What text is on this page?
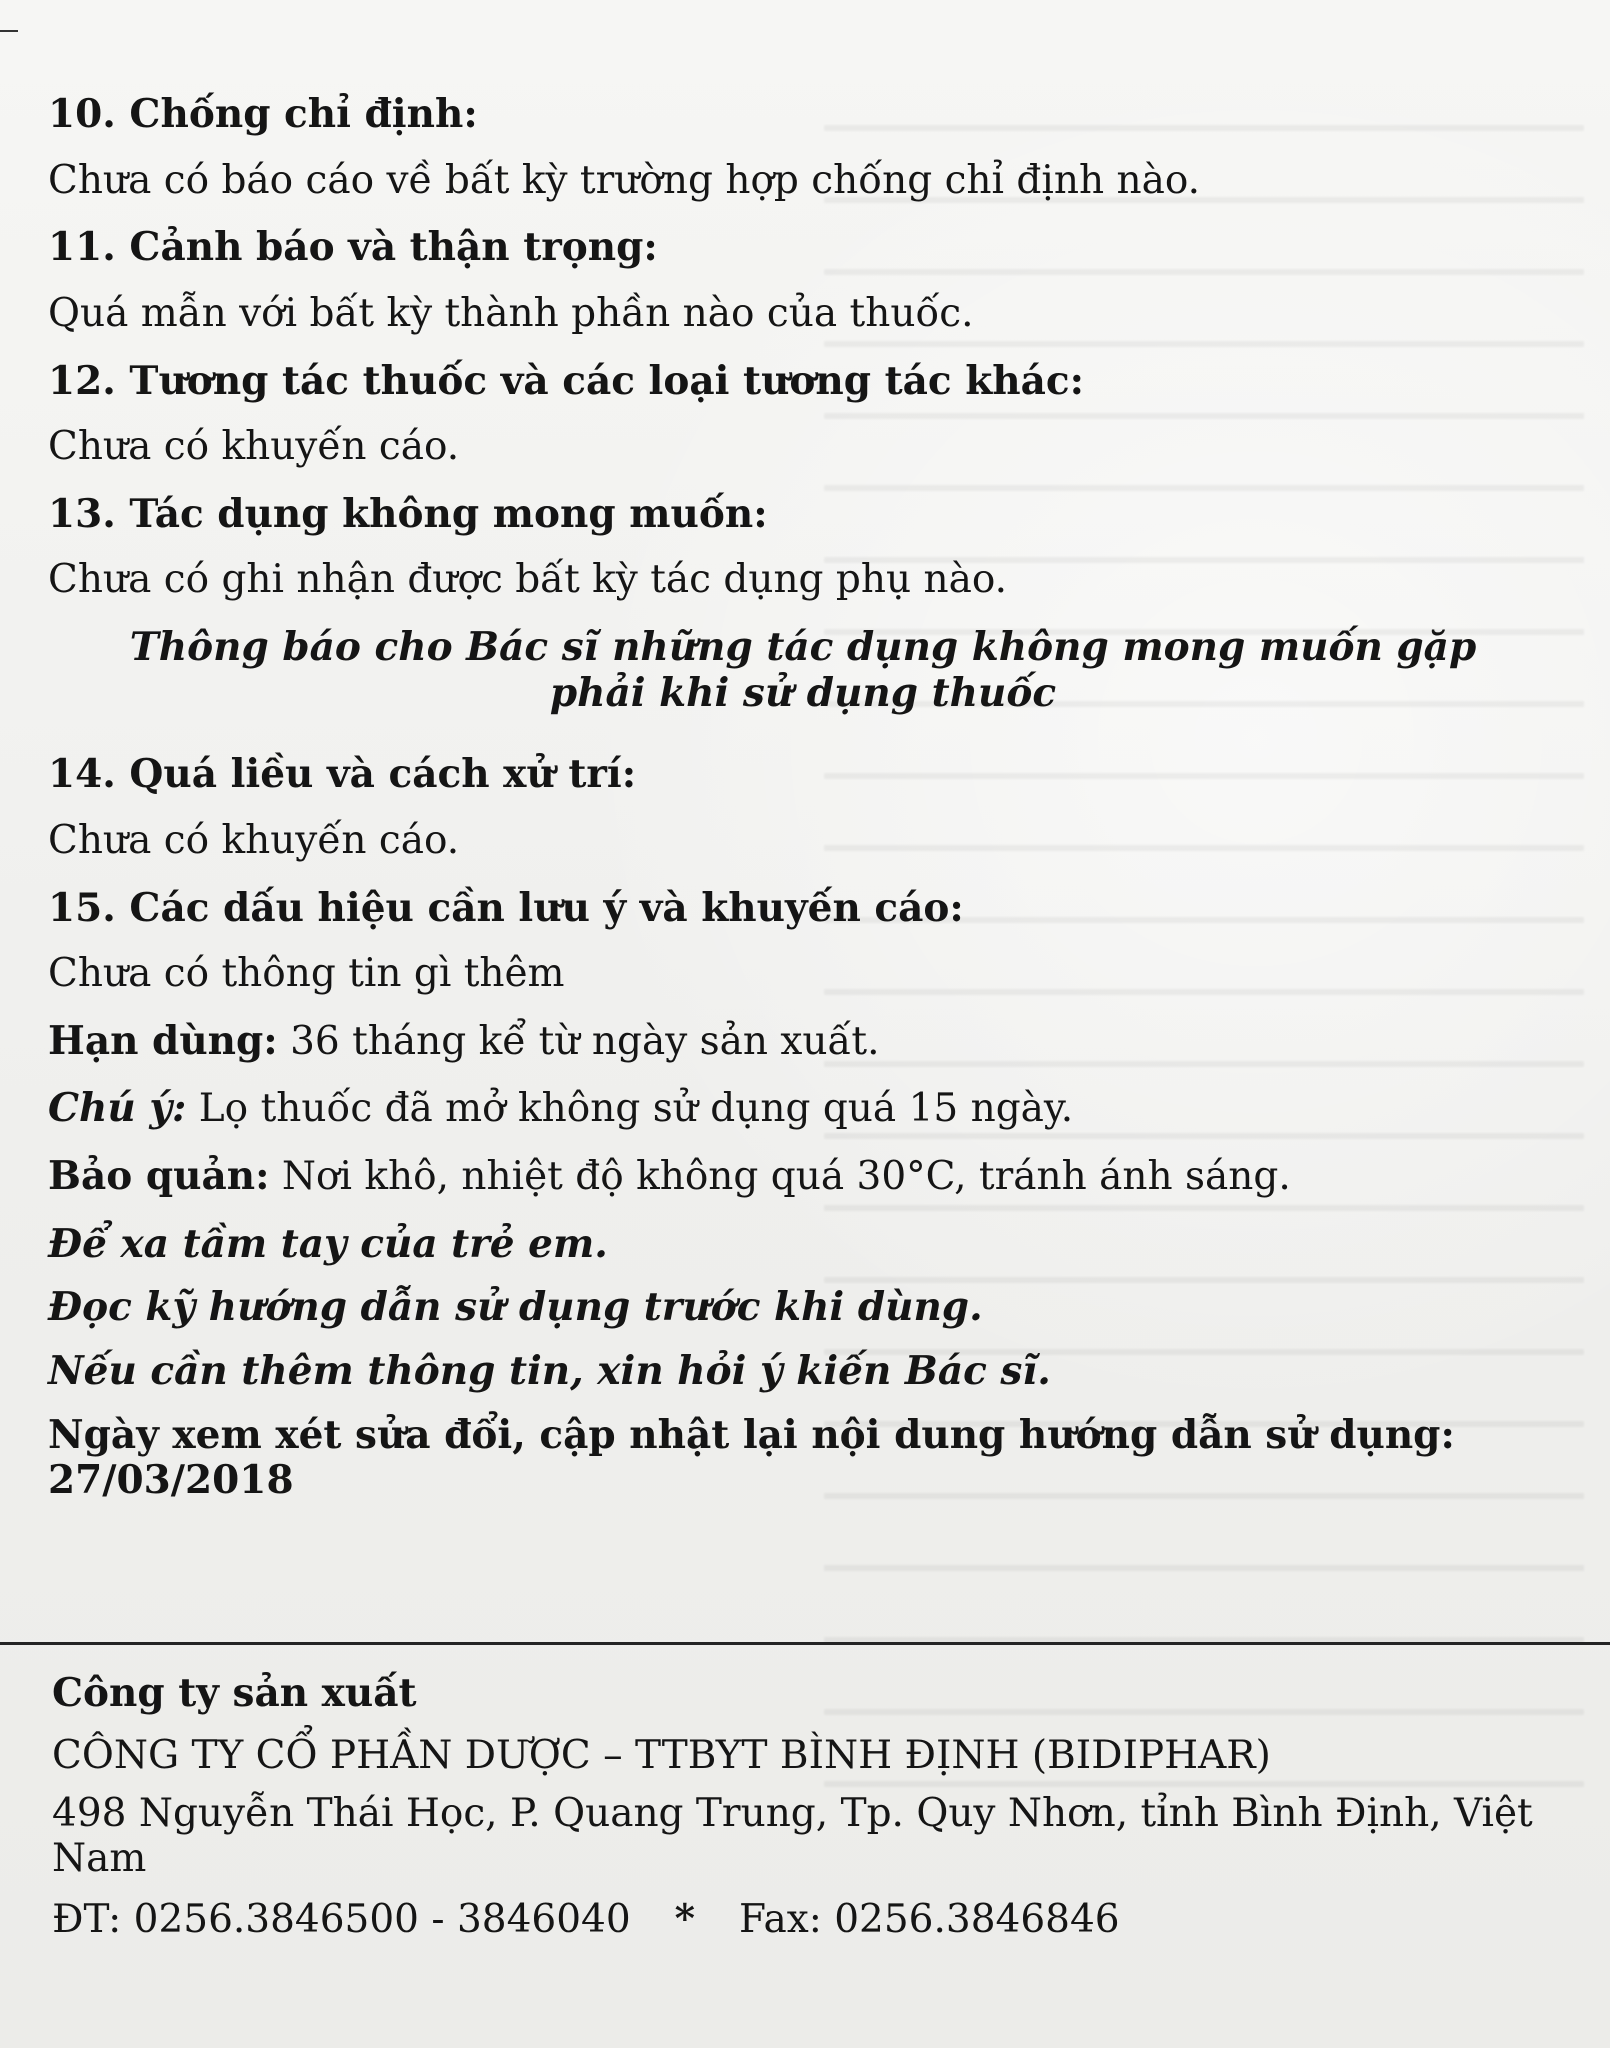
10. Chống chỉ định:
Chưa có báo cáo về bất kỳ trường hợp chống chỉ định nào.
11. Cảnh báo và thận trọng:
Quá mẫn với bất kỳ thành phần nào của thuốc.
12. Tương tác thuốc và các loại tương tác khác:
Chưa có khuyến cáo.
13. Tác dụng không mong muốn:
Chưa có ghi nhận được bất kỳ tác dụng phụ nào.
Thông báo cho Bác sĩ những tác dụng không mong muốn gặp
phải khi sử dụng thuốc
14. Quá liều và cách xử trí:
Chưa có khuyến cáo.
15. Các dấu hiệu cần lưu ý và khuyến cáo:
Chưa có thông tin gì thêm
Hạn dùng: 36 tháng kể từ ngày sản xuất.
Chú ý: Lọ thuốc đã mở không sử dụng quá 15 ngày.
Bảo quản: Nơi khô, nhiệt độ không quá 30°C, tránh ánh sáng.
Để xa tầm tay của trẻ em.
Đọc kỹ hướng dẫn sử dụng trước khi dùng.
Nếu cần thêm thông tin, xin hỏi ý kiến Bác sĩ.
Ngày xem xét sửa đổi, cập nhật lại nội dung hướng dẫn sử dụng:
27/03/2018
Công ty sản xuất
CÔNG TY CỔ PHẦN DƯỢC – TTBYT BÌNH ĐỊNH (BIDIPHAR)
498 Nguyễn Thái Học, P. Quang Trung, Tp. Quy Nhơn, tỉnh Bình Định, Việt Nam
ĐT: 0256.3846500 - 3846040 * Fax: 0256.3846846
